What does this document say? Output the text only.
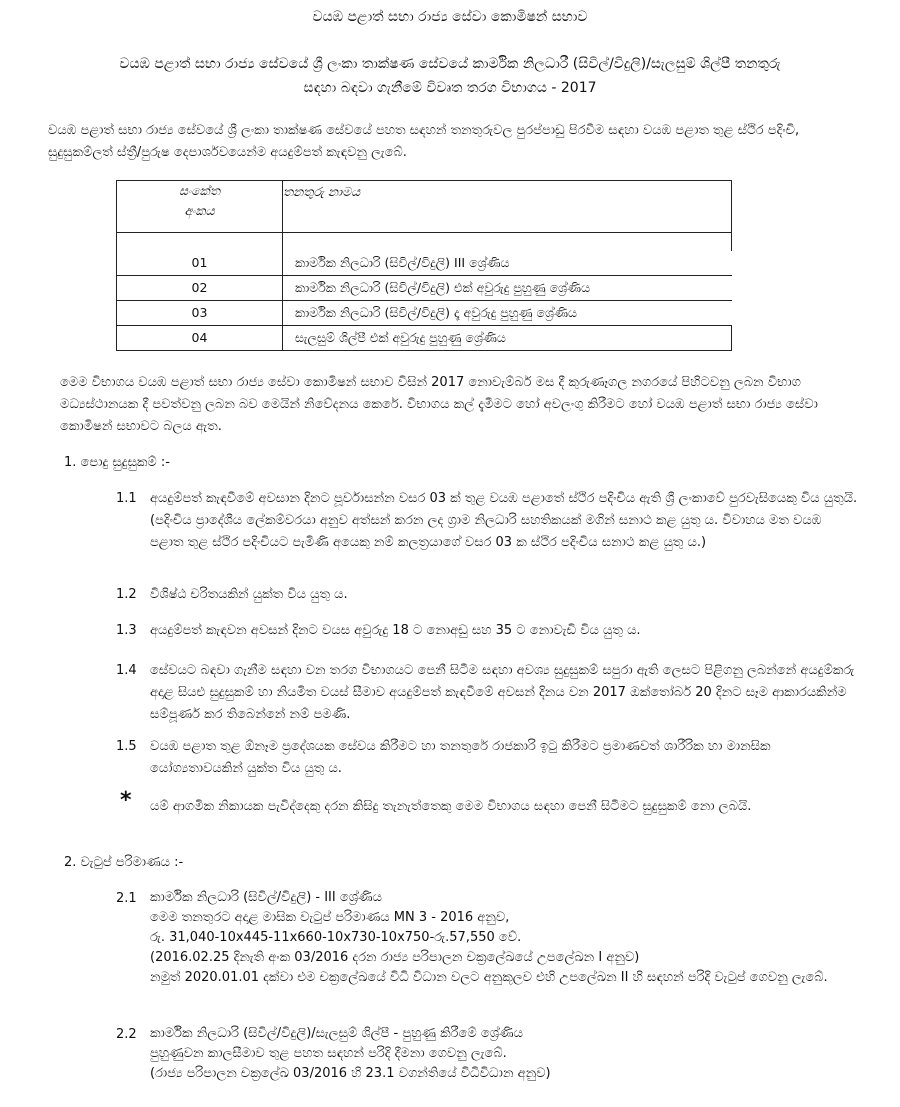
වයඹ පළාත් සභා රාජ්‍ය සේවා කොමිෂන් සභාව
වයඹ පළාත් සභා රාජ්‍ය සේවයේ ශ්‍රී ලංකා තාක්ෂණ සේවයේ කාර්මික නිලධාරී (සිවිල්/විදුලි)/සැලසුම් ශිල්පී තනතුරු
සඳහා බඳවා ගැනීමේ විවෘත තරග විභාගය - 2017
වයඹ පළාත් සභා රාජ්‍ය සේවයේ ශ්‍රී ලංකා තාක්ෂණ සේවයේ පහත සඳහන් තනතුරුවල පුරප්පාඩු පිරවීම සඳහා වයඹ පළාත තුළ ස්ථිර පදිංචි, සුදුසුකම්ලත් ස්ත්‍රී/පුරුෂ දෙපාර්ශවයෙන්ම අයදුම්පත් කැඳවනු ලැබේ.
සංකේත
අංකය	තනතුරු නාමය

01	කාර්මික නිලධාරි (සිවිල්/විදුලි) III ශ්‍රේණිය
02	කාර්මික නිලධාරි (සිවිල්/විදුලි) එක් අවුරුදු පුහුණු ශ්‍රේණිය
03	කාර්මික නිලධාරි (සිවිල්/විදුලි) දෑ අවුරුදු පුහුණු ශ්‍රේණිය
04	සැලසුම් ශිල්පී එක් අවුරුදු පුහුණු ශ්‍රේණිය
මෙම විභාගය වයඹ පළාත් සභා රාජ්‍ය සේවා කොමිෂන් සභාව විසින් 2017 නොවැම්බර් මස දී කුරුණෑගල නගරයේ පිහිටවනු ලබන විභාග මධ්‍යස්ථානයක දී පවත්වනු ලබන බව මෙයින් නිවේදනය කෙරේ. විභාගය කල් දැමීමට හෝ අවලංගු කිරීමට හෝ වයඹ පළාත් සභා රාජ්‍ය සේවා කොමිෂන් සභාවට බලය ඇත.
1. පොදු සුදුසුකම් :-
1.1	අයදුම්පත් කැඳවීමේ අවසාන දිනට පූර්වාසන්න වසර 03 ක් තුළ වයඹ පළාතේ ස්ථිර පදිංචිය ඇති ශ්‍රී ලංකාවේ පුරවැසියෙකු විය යුතුයි. (පදිංචිය ප්‍රාදේශීය ලේකම්වරයා අනුව අත්සන් කරන ලද ග්‍රාම නිලධාරි සහතිකයක් මගින් සනාථ කළ යුතු ය. විවාහය මත වයඹ පළාත තුළ ස්ථිර පදිංචියට පැමිණි අයෙකු නම් කලත්‍රයාගේ වසර 03 ක ස්ථිර පදිංචිය සනාථ කළ යුතු ය.)
1.2	විශිෂ්ඨ චරිතයකින් යුක්ත විය යුතු ය.
1.3	අයදුම්පත් කැඳවන අවසන් දිනට වයස අවුරුදු 18 ට නොඅඩු සහ 35 ට නොවැඩි විය යුතු ය.
1.4	සේවයට බඳවා ගැනීම සඳහා වන තරග විභාගයට පෙනී සිටීම සඳහා අවශ්‍ය සුදුසුකම් සපුරා ඇති ලෙසට පිළිගනු ලබන්නේ අයදුම්කරු අදාළ සියළු සුදුසුකම් හා නියමිත වයස් සීමාව අයදුම්පත් කැඳවීමේ අවසන් දිනය වන 2017 ඔක්තෝබර් 20 දිනට සෑම ආකාරයකින්ම සම්පූර්ණ කර තිබෙන්නේ නම් පමණි.
1.5	වයඹ පළාත තුළ ඕනෑම ප්‍රදේශයක සේවය කිරීමට හා තනතුරේ රාජකාරි ඉටු කිරීමට ප්‍රමාණවත් ශාරීරික හා මානසික යෝග්‍යතාවයකින් යුක්ත විය යුතු ය.
* යම් ආගමික නිකායක පැවිද්දෙකු දරන කිසිදු තැනැත්තෙකු මෙම විභාගය සඳහා පෙනී සිටීමට සුදුසුකම් නො ලබයි.
2. වැටුප් පරිමාණය :-
2.1	කාර්මික නිලධාරි (සිවිල්/විදුලි) - III ශ්‍රේණිය
මෙම තනතුරට අදාළ මාසික වැටුප් පරිමාණය MN 3 - 2016 අනුව,
රු. 31,040-10x445-11x660-10x730-10x750-රු.57,550 වේ.
(2016.02.25 දිනැති අංක 03/2016 දරන රාජ්‍ය පරිපාලන චක්‍රලේඛයේ උපලේඛන I අනුව)
නමුත් 2020.01.01 දක්වා එම චක්‍රලේඛයේ විධි විධාන වලට අනුකූලව එහි උපලේඛන II හි සඳහන් පරිදි වැටුප් ගෙවනු ලැබේ.
2.2	කාර්මික නිලධාරි (සිවිල්/විදුලි)/සැලසුම් ශිල්පී - පුහුණු කිරීමේ ශ්‍රේණිය
පුහුණුවන කාලසීමාව තුළ පහත සඳහන් පරිදි දීමනා ගෙවනු ලැබේ.
(රාජ්‍ය පරිපාලන චක්‍රලේඛ 03/2016 හි 23.1 වගන්තියේ විධිවිධාන අනුව)
